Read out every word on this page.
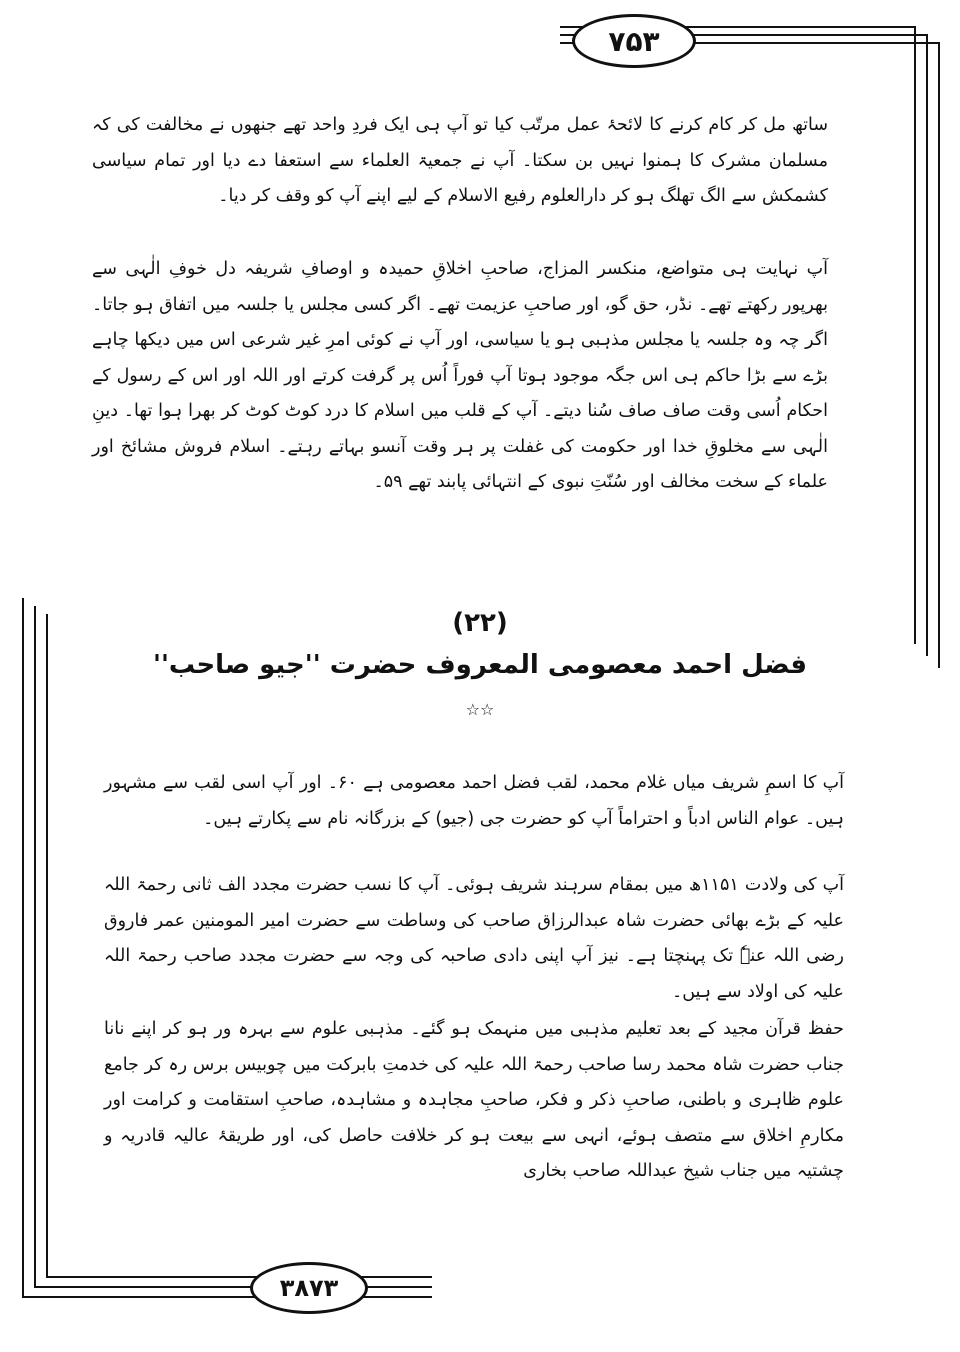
۷۵۳
۳۸۷۳

ساتھ مل کر کام کرنے کا لائحۂ عمل مرتّب کیا تو آپ ہی ایک فردِ واحد تھے جنھوں نے مخالفت کی کہ مسلمان مشرک کا ہمنوا نہیں بن سکتا۔ آپ نے جمعیۃ العلماء سے استعفا دے دیا اور تمام سیاسی کشمکش سے الگ تھلگ ہو کر دارالعلوم رفیع الاسلام کے لیے اپنے آپ کو وقف کر دیا۔

آپ نہایت ہی متواضع، منکسر المزاج، صاحبِ اخلاقِ حمیدہ و اوصافِ شریفہ دل خوفِ الٰہی سے بھرپور رکھتے تھے۔ نڈر، حق گو، اور صاحبِ عزیمت تھے۔ اگر کسی مجلس یا جلسہ میں اتفاق ہو جاتا۔ اگر چہ وہ جلسہ یا مجلس مذہبی ہو یا سیاسی، اور آپ نے کوئی امرِ غیر شرعی اس میں دیکھا چاہے بڑے سے بڑا حاکم ہی اس جگہ موجود ہوتا آپ فوراً اُس پر گرفت کرتے اور اللہ اور اس کے رسول کے احکام اُسی وقت صاف صاف سُنا دیتے۔ آپ کے قلب میں اسلام کا درد کوٹ کوٹ کر بھرا ہوا تھا۔ دینِ الٰہی سے مخلوقِ خدا اور حکومت کی غفلت پر ہر وقت آنسو بہاتے رہتے۔ اسلام فروش مشائخ اور علماء کے سخت مخالف اور سُنّتِ نبوی کے انتہائی پابند تھے ۵۹۔

(۲۲)
فضل احمد معصومی المعروف حضرت ''جیو صاحب''
☆☆

آپ کا اسمِ شریف میاں غلام محمد، لقب فضل احمد معصومی ہے ۶۰۔ اور آپ اسی لقب سے مشہور ہیں۔ عوام الناس ادباً و احتراماً آپ کو حضرت جی (جیو) کے بزرگانہ نام سے پکارتے ہیں۔

آپ کی ولادت ۱۱۵۱ھ میں بمقام سرہند شریف ہوئی۔ آپ کا نسب حضرت مجدد الف ثانی رحمۃ اللہ علیہ کے بڑے بھائی حضرت شاہ عبدالرزاق صاحب کی وساطت سے حضرت امیر المومنین عمر فاروق رضی اللہ عنہٗ تک پہنچتا ہے۔ نیز آپ اپنی دادی صاحبہ کی وجہ سے حضرت مجدد صاحب رحمۃ اللہ علیہ کی اولاد سے ہیں۔

حفظ قرآن مجید کے بعد تعلیم مذہبی میں منہمک ہو گئے۔ مذہبی علوم سے بہرہ ور ہو کر اپنے نانا جناب حضرت شاہ محمد رسا صاحب رحمۃ اللہ علیہ کی خدمتِ بابرکت میں چوبیس برس رہ کر جامع علوم ظاہری و باطنی، صاحبِ ذکر و فکر، صاحبِ مجاہدہ و مشاہدہ، صاحبِ استقامت و کرامت اور مکارمِ اخلاق سے متصف ہوئے، انہی سے بیعت ہو کر خلافت حاصل کی، اور طریقۂ عالیہ قادریہ و چشتیہ میں جناب شیخ عبداللہ صاحب بخاری
